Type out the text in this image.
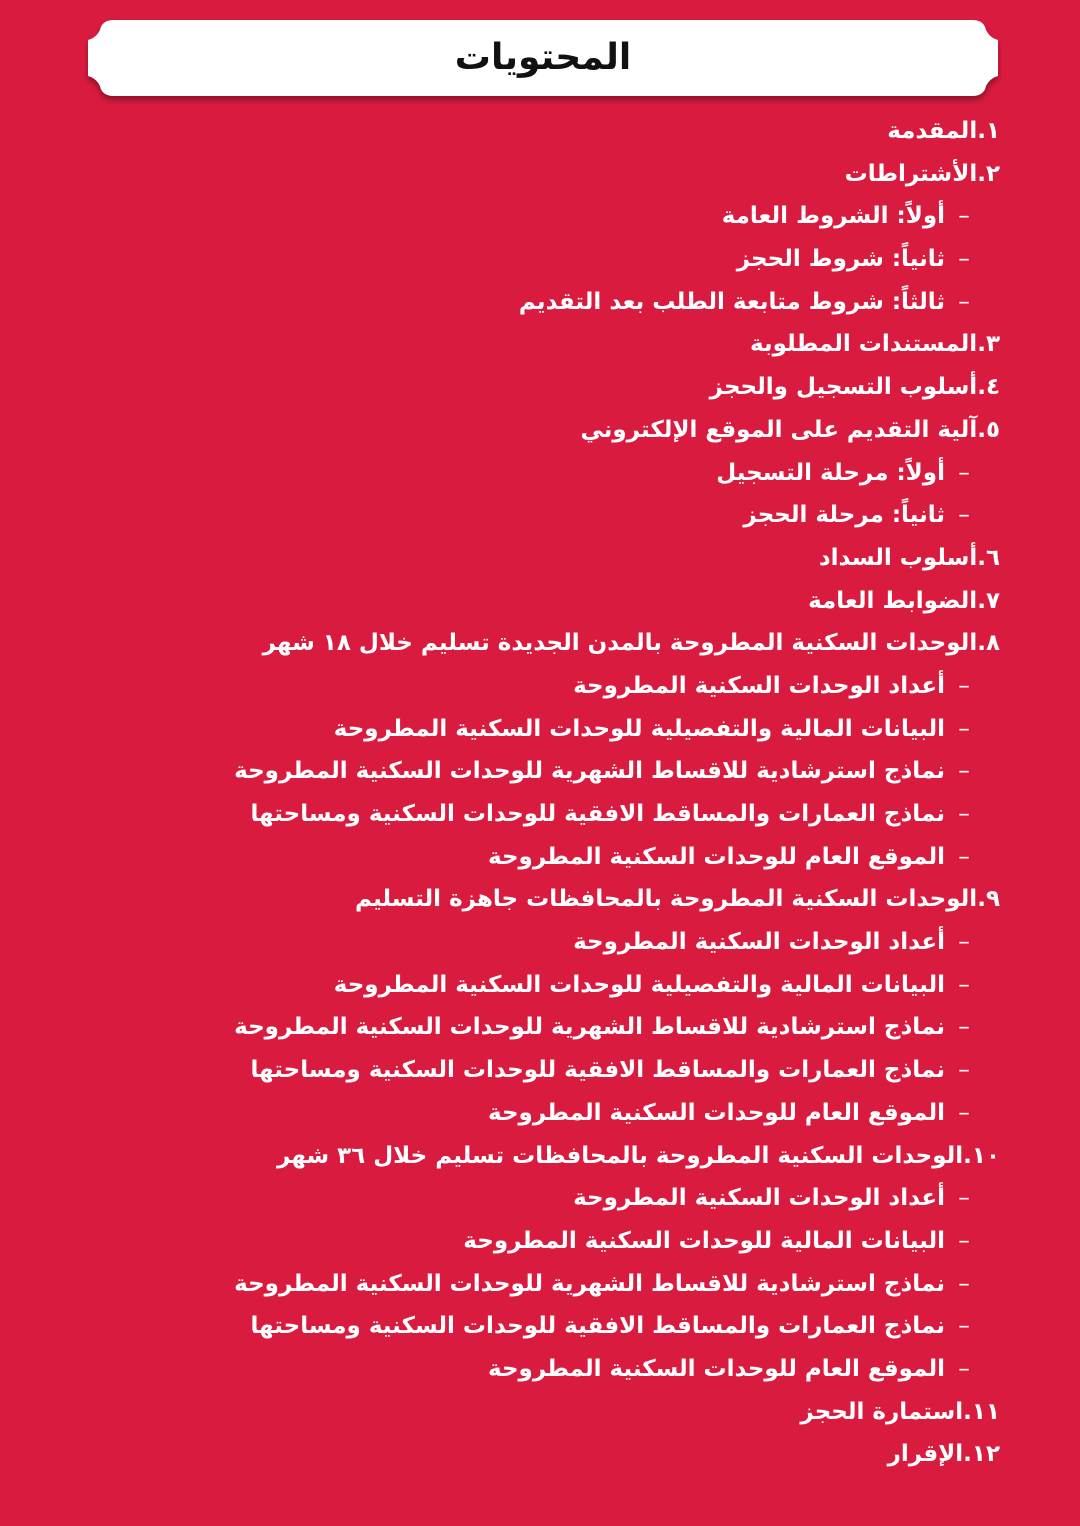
المحتويات
١.المقدمة
٢.الأشتراطات
–أولاً: الشروط العامة
–ثانياً: شروط الحجز
–ثالثاً: شروط متابعة الطلب بعد التقديم
٣.المستندات المطلوبة
٤.أسلوب التسجيل والحجز
٥.آلية التقديم على الموقع الإلكتروني
–أولاً: مرحلة التسجيل
–ثانياً: مرحلة الحجز
٦.أسلوب السداد
٧.الضوابط العامة
٨.الوحدات السكنية المطروحة بالمدن الجديدة تسليم خلال ١٨ شهر
–أعداد الوحدات السكنية المطروحة
–البيانات المالية والتفصيلية للوحدات السكنية المطروحة
–نماذج استرشادية للاقساط الشهرية للوحدات السكنية المطروحة
–نماذج العمارات والمساقط الافقية للوحدات السكنية ومساحتها
–الموقع العام للوحدات السكنية المطروحة
٩.الوحدات السكنية المطروحة بالمحافظات جاهزة التسليم
–أعداد الوحدات السكنية المطروحة
–البيانات المالية والتفصيلية للوحدات السكنية المطروحة
–نماذج استرشادية للاقساط الشهرية للوحدات السكنية المطروحة
–نماذج العمارات والمساقط الافقية للوحدات السكنية ومساحتها
–الموقع العام للوحدات السكنية المطروحة
١٠.الوحدات السكنية المطروحة بالمحافظات تسليم خلال ٣٦ شهر
–أعداد الوحدات السكنية المطروحة
–البيانات المالية للوحدات السكنية المطروحة
–نماذج استرشادية للاقساط الشهرية للوحدات السكنية المطروحة
–نماذج العمارات والمساقط الافقية للوحدات السكنية ومساحتها
–الموقع العام للوحدات السكنية المطروحة
١١.استمارة الحجز
١٢.الإقرار
